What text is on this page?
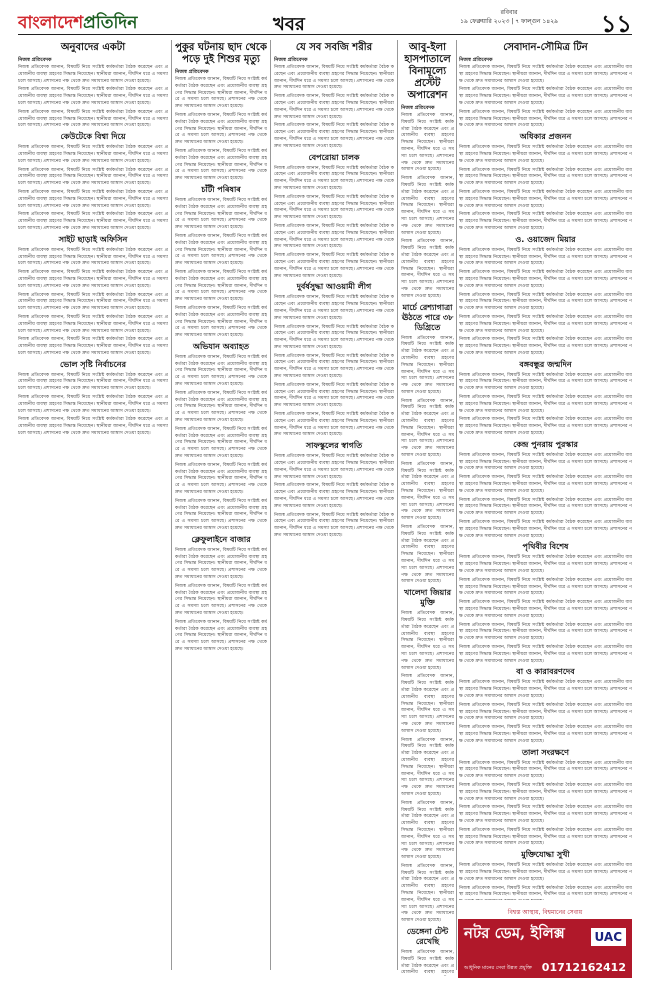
বাংলাদেশপ্রতিদিন	খবর
রবিবার
১৯ ফেব্রুয়ারি ২০২৩ | ৭ ফাল্গুন ১৪২৯ ১১
অনুবাদের একটা
নিজস্ব প্রতিবেদক

নিজস্ব প্রতিবেদক জানান, বিষয়টি নিয়ে সংশ্লিষ্ট কর্মকর্তারা বৈঠক করেছেন এবং প্রয়োজনীয় ব্যবস্থা গ্রহণের সিদ্ধান্ত নিয়েছেন। স্থানীয়রা জানান, দীর্ঘদিন ধরে এ সমস্যা চলে আসছে। প্রশাসনের পক্ষ থেকে দ্রুত সমাধানের আশ্বাস দেওয়া হয়েছে।

নিজস্ব প্রতিবেদক জানান, বিষয়টি নিয়ে সংশ্লিষ্ট কর্মকর্তারা বৈঠক করেছেন এবং প্রয়োজনীয় ব্যবস্থা গ্রহণের সিদ্ধান্ত নিয়েছেন। স্থানীয়রা জানান, দীর্ঘদিন ধরে এ সমস্যা চলে আসছে। প্রশাসনের পক্ষ থেকে দ্রুত সমাধানের আশ্বাস দেওয়া হয়েছে।

নিজস্ব প্রতিবেদক জানান, বিষয়টি নিয়ে সংশ্লিষ্ট কর্মকর্তারা বৈঠক করেছেন এবং প্রয়োজনীয় ব্যবস্থা গ্রহণের সিদ্ধান্ত নিয়েছেন। স্থানীয়রা জানান, দীর্ঘদিন ধরে এ সমস্যা চলে আসছে। প্রশাসনের পক্ষ থেকে দ্রুত সমাধানের আশ্বাস দেওয়া হয়েছে।

কেউটেকে বিশ্বা দিয়ে

নিজস্ব প্রতিবেদক জানান, বিষয়টি নিয়ে সংশ্লিষ্ট কর্মকর্তারা বৈঠক করেছেন এবং প্রয়োজনীয় ব্যবস্থা গ্রহণের সিদ্ধান্ত নিয়েছেন। স্থানীয়রা জানান, দীর্ঘদিন ধরে এ সমস্যা চলে আসছে। প্রশাসনের পক্ষ থেকে দ্রুত সমাধানের আশ্বাস দেওয়া হয়েছে।

নিজস্ব প্রতিবেদক জানান, বিষয়টি নিয়ে সংশ্লিষ্ট কর্মকর্তারা বৈঠক করেছেন এবং প্রয়োজনীয় ব্যবস্থা গ্রহণের সিদ্ধান্ত নিয়েছেন। স্থানীয়রা জানান, দীর্ঘদিন ধরে এ সমস্যা চলে আসছে। প্রশাসনের পক্ষ থেকে দ্রুত সমাধানের আশ্বাস দেওয়া হয়েছে।

নিজস্ব প্রতিবেদক জানান, বিষয়টি নিয়ে সংশ্লিষ্ট কর্মকর্তারা বৈঠক করেছেন এবং প্রয়োজনীয় ব্যবস্থা গ্রহণের সিদ্ধান্ত নিয়েছেন। স্থানীয়রা জানান, দীর্ঘদিন ধরে এ সমস্যা চলে আসছে। প্রশাসনের পক্ষ থেকে দ্রুত সমাধানের আশ্বাস দেওয়া হয়েছে।

নিজস্ব প্রতিবেদক জানান, বিষয়টি নিয়ে সংশ্লিষ্ট কর্মকর্তারা বৈঠক করেছেন এবং প্রয়োজনীয় ব্যবস্থা গ্রহণের সিদ্ধান্ত নিয়েছেন। স্থানীয়রা জানান, দীর্ঘদিন ধরে এ সমস্যা চলে আসছে। প্রশাসনের পক্ষ থেকে দ্রুত সমাধানের আশ্বাস দেওয়া হয়েছে।

সাইট ছাড়াই অফিসিন

নিজস্ব প্রতিবেদক জানান, বিষয়টি নিয়ে সংশ্লিষ্ট কর্মকর্তারা বৈঠক করেছেন এবং প্রয়োজনীয় ব্যবস্থা গ্রহণের সিদ্ধান্ত নিয়েছেন। স্থানীয়রা জানান, দীর্ঘদিন ধরে এ সমস্যা চলে আসছে। প্রশাসনের পক্ষ থেকে দ্রুত সমাধানের আশ্বাস দেওয়া হয়েছে।

নিজস্ব প্রতিবেদক জানান, বিষয়টি নিয়ে সংশ্লিষ্ট কর্মকর্তারা বৈঠক করেছেন এবং প্রয়োজনীয় ব্যবস্থা গ্রহণের সিদ্ধান্ত নিয়েছেন। স্থানীয়রা জানান, দীর্ঘদিন ধরে এ সমস্যা চলে আসছে। প্রশাসনের পক্ষ থেকে দ্রুত সমাধানের আশ্বাস দেওয়া হয়েছে।

নিজস্ব প্রতিবেদক জানান, বিষয়টি নিয়ে সংশ্লিষ্ট কর্মকর্তারা বৈঠক করেছেন এবং প্রয়োজনীয় ব্যবস্থা গ্রহণের সিদ্ধান্ত নিয়েছেন। স্থানীয়রা জানান, দীর্ঘদিন ধরে এ সমস্যা চলে আসছে। প্রশাসনের পক্ষ থেকে দ্রুত সমাধানের আশ্বাস দেওয়া হয়েছে।

নিজস্ব প্রতিবেদক জানান, বিষয়টি নিয়ে সংশ্লিষ্ট কর্মকর্তারা বৈঠক করেছেন এবং প্রয়োজনীয় ব্যবস্থা গ্রহণের সিদ্ধান্ত নিয়েছেন। স্থানীয়রা জানান, দীর্ঘদিন ধরে এ সমস্যা চলে আসছে। প্রশাসনের পক্ষ থেকে দ্রুত সমাধানের আশ্বাস দেওয়া হয়েছে।

নিজস্ব প্রতিবেদক জানান, বিষয়টি নিয়ে সংশ্লিষ্ট কর্মকর্তারা বৈঠক করেছেন এবং প্রয়োজনীয় ব্যবস্থা গ্রহণের সিদ্ধান্ত নিয়েছেন। স্থানীয়রা জানান, দীর্ঘদিন ধরে এ সমস্যা চলে আসছে। প্রশাসনের পক্ষ থেকে দ্রুত সমাধানের আশ্বাস দেওয়া হয়েছে।

ভোল সৃষ্টি নির্বাচনের

নিজস্ব প্রতিবেদক জানান, বিষয়টি নিয়ে সংশ্লিষ্ট কর্মকর্তারা বৈঠক করেছেন এবং প্রয়োজনীয় ব্যবস্থা গ্রহণের সিদ্ধান্ত নিয়েছেন। স্থানীয়রা জানান, দীর্ঘদিন ধরে এ সমস্যা চলে আসছে। প্রশাসনের পক্ষ থেকে দ্রুত সমাধানের আশ্বাস দেওয়া হয়েছে।

নিজস্ব প্রতিবেদক জানান, বিষয়টি নিয়ে সংশ্লিষ্ট কর্মকর্তারা বৈঠক করেছেন এবং প্রয়োজনীয় ব্যবস্থা গ্রহণের সিদ্ধান্ত নিয়েছেন। স্থানীয়রা জানান, দীর্ঘদিন ধরে এ সমস্যা চলে আসছে। প্রশাসনের পক্ষ থেকে দ্রুত সমাধানের আশ্বাস দেওয়া হয়েছে।

নিজস্ব প্রতিবেদক জানান, বিষয়টি নিয়ে সংশ্লিষ্ট কর্মকর্তারা বৈঠক করেছেন এবং প্রয়োজনীয় ব্যবস্থা গ্রহণের সিদ্ধান্ত নিয়েছেন। স্থানীয়রা জানান, দীর্ঘদিন ধরে এ সমস্যা চলে আসছে। প্রশাসনের পক্ষ থেকে দ্রুত সমাধানের আশ্বাস দেওয়া হয়েছে।

পুকুর ঘটনায় ছাদ থেকে পড়ে দুই শিশুর মৃত্যু
নিজস্ব প্রতিবেদক

নিজস্ব প্রতিবেদক জানান, বিষয়টি নিয়ে সংশ্লিষ্ট কর্মকর্তারা বৈঠক করেছেন এবং প্রয়োজনীয় ব্যবস্থা গ্রহণের সিদ্ধান্ত নিয়েছেন। স্থানীয়রা জানান, দীর্ঘদিন ধরে এ সমস্যা চলে আসছে। প্রশাসনের পক্ষ থেকে দ্রুত সমাধানের আশ্বাস দেওয়া হয়েছে।

নিজস্ব প্রতিবেদক জানান, বিষয়টি নিয়ে সংশ্লিষ্ট কর্মকর্তারা বৈঠক করেছেন এবং প্রয়োজনীয় ব্যবস্থা গ্রহণের সিদ্ধান্ত নিয়েছেন। স্থানীয়রা জানান, দীর্ঘদিন ধরে এ সমস্যা চলে আসছে। প্রশাসনের পক্ষ থেকে দ্রুত সমাধানের আশ্বাস দেওয়া হয়েছে।

নিজস্ব প্রতিবেদক জানান, বিষয়টি নিয়ে সংশ্লিষ্ট কর্মকর্তারা বৈঠক করেছেন এবং প্রয়োজনীয় ব্যবস্থা গ্রহণের সিদ্ধান্ত নিয়েছেন। স্থানীয়রা জানান, দীর্ঘদিন ধরে এ সমস্যা চলে আসছে। প্রশাসনের পক্ষ থেকে দ্রুত সমাধানের আশ্বাস দেওয়া হয়েছে।

চাঁটী পৰিষাৰ

নিজস্ব প্রতিবেদক জানান, বিষয়টি নিয়ে সংশ্লিষ্ট কর্মকর্তারা বৈঠক করেছেন এবং প্রয়োজনীয় ব্যবস্থা গ্রহণের সিদ্ধান্ত নিয়েছেন। স্থানীয়রা জানান, দীর্ঘদিন ধরে এ সমস্যা চলে আসছে। প্রশাসনের পক্ষ থেকে দ্রুত সমাধানের আশ্বাস দেওয়া হয়েছে।

নিজস্ব প্রতিবেদক জানান, বিষয়টি নিয়ে সংশ্লিষ্ট কর্মকর্তারা বৈঠক করেছেন এবং প্রয়োজনীয় ব্যবস্থা গ্রহণের সিদ্ধান্ত নিয়েছেন। স্থানীয়রা জানান, দীর্ঘদিন ধরে এ সমস্যা চলে আসছে। প্রশাসনের পক্ষ থেকে দ্রুত সমাধানের আশ্বাস দেওয়া হয়েছে।

নিজস্ব প্রতিবেদক জানান, বিষয়টি নিয়ে সংশ্লিষ্ট কর্মকর্তারা বৈঠক করেছেন এবং প্রয়োজনীয় ব্যবস্থা গ্রহণের সিদ্ধান্ত নিয়েছেন। স্থানীয়রা জানান, দীর্ঘদিন ধরে এ সমস্যা চলে আসছে। প্রশাসনের পক্ষ থেকে দ্রুত সমাধানের আশ্বাস দেওয়া হয়েছে।

নিজস্ব প্রতিবেদক জানান, বিষয়টি নিয়ে সংশ্লিষ্ট কর্মকর্তারা বৈঠক করেছেন এবং প্রয়োজনীয় ব্যবস্থা গ্রহণের সিদ্ধান্ত নিয়েছেন। স্থানীয়রা জানান, দীর্ঘদিন ধরে এ সমস্যা চলে আসছে। প্রশাসনের পক্ষ থেকে দ্রুত সমাধানের আশ্বাস দেওয়া হয়েছে।

অভিযান অব্যাহত

নিজস্ব প্রতিবেদক জানান, বিষয়টি নিয়ে সংশ্লিষ্ট কর্মকর্তারা বৈঠক করেছেন এবং প্রয়োজনীয় ব্যবস্থা গ্রহণের সিদ্ধান্ত নিয়েছেন। স্থানীয়রা জানান, দীর্ঘদিন ধরে এ সমস্যা চলে আসছে। প্রশাসনের পক্ষ থেকে দ্রুত সমাধানের আশ্বাস দেওয়া হয়েছে।

নিজস্ব প্রতিবেদক জানান, বিষয়টি নিয়ে সংশ্লিষ্ট কর্মকর্তারা বৈঠক করেছেন এবং প্রয়োজনীয় ব্যবস্থা গ্রহণের সিদ্ধান্ত নিয়েছেন। স্থানীয়রা জানান, দীর্ঘদিন ধরে এ সমস্যা চলে আসছে। প্রশাসনের পক্ষ থেকে দ্রুত সমাধানের আশ্বাস দেওয়া হয়েছে।

নিজস্ব প্রতিবেদক জানান, বিষয়টি নিয়ে সংশ্লিষ্ট কর্মকর্তারা বৈঠক করেছেন এবং প্রয়োজনীয় ব্যবস্থা গ্রহণের সিদ্ধান্ত নিয়েছেন। স্থানীয়রা জানান, দীর্ঘদিন ধরে এ সমস্যা চলে আসছে। প্রশাসনের পক্ষ থেকে দ্রুত সমাধানের আশ্বাস দেওয়া হয়েছে।

নিজস্ব প্রতিবেদক জানান, বিষয়টি নিয়ে সংশ্লিষ্ট কর্মকর্তারা বৈঠক করেছেন এবং প্রয়োজনীয় ব্যবস্থা গ্রহণের সিদ্ধান্ত নিয়েছেন। স্থানীয়রা জানান, দীর্ঘদিন ধরে এ সমস্যা চলে আসছে। প্রশাসনের পক্ষ থেকে দ্রুত সমাধানের আশ্বাস দেওয়া হয়েছে।

নিজস্ব প্রতিবেদক জানান, বিষয়টি নিয়ে সংশ্লিষ্ট কর্মকর্তারা বৈঠক করেছেন এবং প্রয়োজনীয় ব্যবস্থা গ্রহণের সিদ্ধান্ত নিয়েছেন। স্থানীয়রা জানান, দীর্ঘদিন ধরে এ সমস্যা চলে আসছে। প্রশাসনের পক্ষ থেকে দ্রুত সমাধানের আশ্বাস দেওয়া হয়েছে।

ক্লেফুলাইনে বাজার

নিজস্ব প্রতিবেদক জানান, বিষয়টি নিয়ে সংশ্লিষ্ট কর্মকর্তারা বৈঠক করেছেন এবং প্রয়োজনীয় ব্যবস্থা গ্রহণের সিদ্ধান্ত নিয়েছেন। স্থানীয়রা জানান, দীর্ঘদিন ধরে এ সমস্যা চলে আসছে। প্রশাসনের পক্ষ থেকে দ্রুত সমাধানের আশ্বাস দেওয়া হয়েছে।

নিজস্ব প্রতিবেদক জানান, বিষয়টি নিয়ে সংশ্লিষ্ট কর্মকর্তারা বৈঠক করেছেন এবং প্রয়োজনীয় ব্যবস্থা গ্রহণের সিদ্ধান্ত নিয়েছেন। স্থানীয়রা জানান, দীর্ঘদিন ধরে এ সমস্যা চলে আসছে। প্রশাসনের পক্ষ থেকে দ্রুত সমাধানের আশ্বাস দেওয়া হয়েছে।

নিজস্ব প্রতিবেদক জানান, বিষয়টি নিয়ে সংশ্লিষ্ট কর্মকর্তারা বৈঠক করেছেন এবং প্রয়োজনীয় ব্যবস্থা গ্রহণের সিদ্ধান্ত নিয়েছেন। স্থানীয়রা জানান, দীর্ঘদিন ধরে এ সমস্যা চলে আসছে। প্রশাসনের পক্ষ থেকে দ্রুত সমাধানের আশ্বাস দেওয়া হয়েছে।

যে সব সবজি শরীর
নিজস্ব প্রতিবেদক

নিজস্ব প্রতিবেদক জানান, বিষয়টি নিয়ে সংশ্লিষ্ট কর্মকর্তারা বৈঠক করেছেন এবং প্রয়োজনীয় ব্যবস্থা গ্রহণের সিদ্ধান্ত নিয়েছেন। স্থানীয়রা জানান, দীর্ঘদিন ধরে এ সমস্যা চলে আসছে। প্রশাসনের পক্ষ থেকে দ্রুত সমাধানের আশ্বাস দেওয়া হয়েছে।

নিজস্ব প্রতিবেদক জানান, বিষয়টি নিয়ে সংশ্লিষ্ট কর্মকর্তারা বৈঠক করেছেন এবং প্রয়োজনীয় ব্যবস্থা গ্রহণের সিদ্ধান্ত নিয়েছেন। স্থানীয়রা জানান, দীর্ঘদিন ধরে এ সমস্যা চলে আসছে। প্রশাসনের পক্ষ থেকে দ্রুত সমাধানের আশ্বাস দেওয়া হয়েছে।

নিজস্ব প্রতিবেদক জানান, বিষয়টি নিয়ে সংশ্লিষ্ট কর্মকর্তারা বৈঠক করেছেন এবং প্রয়োজনীয় ব্যবস্থা গ্রহণের সিদ্ধান্ত নিয়েছেন। স্থানীয়রা জানান, দীর্ঘদিন ধরে এ সমস্যা চলে আসছে। প্রশাসনের পক্ষ থেকে দ্রুত সমাধানের আশ্বাস দেওয়া হয়েছে।

বেপরোয়া চালক

নিজস্ব প্রতিবেদক জানান, বিষয়টি নিয়ে সংশ্লিষ্ট কর্মকর্তারা বৈঠক করেছেন এবং প্রয়োজনীয় ব্যবস্থা গ্রহণের সিদ্ধান্ত নিয়েছেন। স্থানীয়রা জানান, দীর্ঘদিন ধরে এ সমস্যা চলে আসছে। প্রশাসনের পক্ষ থেকে দ্রুত সমাধানের আশ্বাস দেওয়া হয়েছে।

নিজস্ব প্রতিবেদক জানান, বিষয়টি নিয়ে সংশ্লিষ্ট কর্মকর্তারা বৈঠক করেছেন এবং প্রয়োজনীয় ব্যবস্থা গ্রহণের সিদ্ধান্ত নিয়েছেন। স্থানীয়রা জানান, দীর্ঘদিন ধরে এ সমস্যা চলে আসছে। প্রশাসনের পক্ষ থেকে দ্রুত সমাধানের আশ্বাস দেওয়া হয়েছে।

নিজস্ব প্রতিবেদক জানান, বিষয়টি নিয়ে সংশ্লিষ্ট কর্মকর্তারা বৈঠক করেছেন এবং প্রয়োজনীয় ব্যবস্থা গ্রহণের সিদ্ধান্ত নিয়েছেন। স্থানীয়রা জানান, দীর্ঘদিন ধরে এ সমস্যা চলে আসছে। প্রশাসনের পক্ষ থেকে দ্রুত সমাধানের আশ্বাস দেওয়া হয়েছে।

নিজস্ব প্রতিবেদক জানান, বিষয়টি নিয়ে সংশ্লিষ্ট কর্মকর্তারা বৈঠক করেছেন এবং প্রয়োজনীয় ব্যবস্থা গ্রহণের সিদ্ধান্ত নিয়েছেন। স্থানীয়রা জানান, দীর্ঘদিন ধরে এ সমস্যা চলে আসছে। প্রশাসনের পক্ষ থেকে দ্রুত সমাধানের আশ্বাস দেওয়া হয়েছে।

দুর্বর্ষসুদ্ধা আওয়ামী লীগ

নিজস্ব প্রতিবেদক জানান, বিষয়টি নিয়ে সংশ্লিষ্ট কর্মকর্তারা বৈঠক করেছেন এবং প্রয়োজনীয় ব্যবস্থা গ্রহণের সিদ্ধান্ত নিয়েছেন। স্থানীয়রা জানান, দীর্ঘদিন ধরে এ সমস্যা চলে আসছে। প্রশাসনের পক্ষ থেকে দ্রুত সমাধানের আশ্বাস দেওয়া হয়েছে।

নিজস্ব প্রতিবেদক জানান, বিষয়টি নিয়ে সংশ্লিষ্ট কর্মকর্তারা বৈঠক করেছেন এবং প্রয়োজনীয় ব্যবস্থা গ্রহণের সিদ্ধান্ত নিয়েছেন। স্থানীয়রা জানান, দীর্ঘদিন ধরে এ সমস্যা চলে আসছে। প্রশাসনের পক্ষ থেকে দ্রুত সমাধানের আশ্বাস দেওয়া হয়েছে।

নিজস্ব প্রতিবেদক জানান, বিষয়টি নিয়ে সংশ্লিষ্ট কর্মকর্তারা বৈঠক করেছেন এবং প্রয়োজনীয় ব্যবস্থা গ্রহণের সিদ্ধান্ত নিয়েছেন। স্থানীয়রা জানান, দীর্ঘদিন ধরে এ সমস্যা চলে আসছে। প্রশাসনের পক্ষ থেকে দ্রুত সমাধানের আশ্বাস দেওয়া হয়েছে।

নিজস্ব প্রতিবেদক জানান, বিষয়টি নিয়ে সংশ্লিষ্ট কর্মকর্তারা বৈঠক করেছেন এবং প্রয়োজনীয় ব্যবস্থা গ্রহণের সিদ্ধান্ত নিয়েছেন। স্থানীয়রা জানান, দীর্ঘদিন ধরে এ সমস্যা চলে আসছে। প্রশাসনের পক্ষ থেকে দ্রুত সমাধানের আশ্বাস দেওয়া হয়েছে।

নিজস্ব প্রতিবেদক জানান, বিষয়টি নিয়ে সংশ্লিষ্ট কর্মকর্তারা বৈঠক করেছেন এবং প্রয়োজনীয় ব্যবস্থা গ্রহণের সিদ্ধান্ত নিয়েছেন। স্থানীয়রা জানান, দীর্ঘদিন ধরে এ সমস্যা চলে আসছে। প্রশাসনের পক্ষ থেকে দ্রুত সমাধানের আশ্বাস দেওয়া হয়েছে।

সাফস্কুলের স্বাগতি

নিজস্ব প্রতিবেদক জানান, বিষয়টি নিয়ে সংশ্লিষ্ট কর্মকর্তারা বৈঠক করেছেন এবং প্রয়োজনীয় ব্যবস্থা গ্রহণের সিদ্ধান্ত নিয়েছেন। স্থানীয়রা জানান, দীর্ঘদিন ধরে এ সমস্যা চলে আসছে। প্রশাসনের পক্ষ থেকে দ্রুত সমাধানের আশ্বাস দেওয়া হয়েছে।

নিজস্ব প্রতিবেদক জানান, বিষয়টি নিয়ে সংশ্লিষ্ট কর্মকর্তারা বৈঠক করেছেন এবং প্রয়োজনীয় ব্যবস্থা গ্রহণের সিদ্ধান্ত নিয়েছেন। স্থানীয়রা জানান, দীর্ঘদিন ধরে এ সমস্যা চলে আসছে। প্রশাসনের পক্ষ থেকে দ্রুত সমাধানের আশ্বাস দেওয়া হয়েছে।

নিজস্ব প্রতিবেদক জানান, বিষয়টি নিয়ে সংশ্লিষ্ট কর্মকর্তারা বৈঠক করেছেন এবং প্রয়োজনীয় ব্যবস্থা গ্রহণের সিদ্ধান্ত নিয়েছেন। স্থানীয়রা জানান, দীর্ঘদিন ধরে এ সমস্যা চলে আসছে। প্রশাসনের পক্ষ থেকে দ্রুত সমাধানের আশ্বাস দেওয়া হয়েছে।

আবু-ইলা হাসপাতালে বিনামূল্যে প্রস্টেট অপারেশন
নিজস্ব প্রতিবেদক

নিজস্ব প্রতিবেদক জানান, বিষয়টি নিয়ে সংশ্লিষ্ট কর্মকর্তারা বৈঠক করেছেন এবং প্রয়োজনীয় ব্যবস্থা গ্রহণের সিদ্ধান্ত নিয়েছেন। স্থানীয়রা জানান, দীর্ঘদিন ধরে এ সমস্যা চলে আসছে। প্রশাসনের পক্ষ থেকে দ্রুত সমাধানের আশ্বাস দেওয়া হয়েছে।

নিজস্ব প্রতিবেদক জানান, বিষয়টি নিয়ে সংশ্লিষ্ট কর্মকর্তারা বৈঠক করেছেন এবং প্রয়োজনীয় ব্যবস্থা গ্রহণের সিদ্ধান্ত নিয়েছেন। স্থানীয়রা জানান, দীর্ঘদিন ধরে এ সমস্যা চলে আসছে। প্রশাসনের পক্ষ থেকে দ্রুত সমাধানের আশ্বাস দেওয়া হয়েছে।

নিজস্ব প্রতিবেদক জানান, বিষয়টি নিয়ে সংশ্লিষ্ট কর্মকর্তারা বৈঠক করেছেন এবং প্রয়োজনীয় ব্যবস্থা গ্রহণের সিদ্ধান্ত নিয়েছেন। স্থানীয়রা জানান, দীর্ঘদিন ধরে এ সমস্যা চলে আসছে। প্রশাসনের পক্ষ থেকে দ্রুত সমাধানের আশ্বাস দেওয়া হয়েছে।

মার্চে রেশ্যাগাত্রা ঊঠতে পারে ৩৮ ডিগ্রিতে

নিজস্ব প্রতিবেদক জানান, বিষয়টি নিয়ে সংশ্লিষ্ট কর্মকর্তারা বৈঠক করেছেন এবং প্রয়োজনীয় ব্যবস্থা গ্রহণের সিদ্ধান্ত নিয়েছেন। স্থানীয়রা জানান, দীর্ঘদিন ধরে এ সমস্যা চলে আসছে। প্রশাসনের পক্ষ থেকে দ্রুত সমাধানের আশ্বাস দেওয়া হয়েছে।

নিজস্ব প্রতিবেদক জানান, বিষয়টি নিয়ে সংশ্লিষ্ট কর্মকর্তারা বৈঠক করেছেন এবং প্রয়োজনীয় ব্যবস্থা গ্রহণের সিদ্ধান্ত নিয়েছেন। স্থানীয়রা জানান, দীর্ঘদিন ধরে এ সমস্যা চলে আসছে। প্রশাসনের পক্ষ থেকে দ্রুত সমাধানের আশ্বাস দেওয়া হয়েছে।

নিজস্ব প্রতিবেদক জানান, বিষয়টি নিয়ে সংশ্লিষ্ট কর্মকর্তারা বৈঠক করেছেন এবং প্রয়োজনীয় ব্যবস্থা গ্রহণের সিদ্ধান্ত নিয়েছেন। স্থানীয়রা জানান, দীর্ঘদিন ধরে এ সমস্যা চলে আসছে। প্রশাসনের পক্ষ থেকে দ্রুত সমাধানের আশ্বাস দেওয়া হয়েছে।

নিজস্ব প্রতিবেদক জানান, বিষয়টি নিয়ে সংশ্লিষ্ট কর্মকর্তারা বৈঠক করেছেন এবং প্রয়োজনীয় ব্যবস্থা গ্রহণের সিদ্ধান্ত নিয়েছেন। স্থানীয়রা জানান, দীর্ঘদিন ধরে এ সমস্যা চলে আসছে। প্রশাসনের পক্ষ থেকে দ্রুত সমাধানের আশ্বাস দেওয়া হয়েছে।

খালেদা জিয়ার মুক্তি

নিজস্ব প্রতিবেদক জানান, বিষয়টি নিয়ে সংশ্লিষ্ট কর্মকর্তারা বৈঠক করেছেন এবং প্রয়োজনীয় ব্যবস্থা গ্রহণের সিদ্ধান্ত নিয়েছেন। স্থানীয়রা জানান, দীর্ঘদিন ধরে এ সমস্যা চলে আসছে। প্রশাসনের পক্ষ থেকে দ্রুত সমাধানের আশ্বাস দেওয়া হয়েছে।

নিজস্ব প্রতিবেদক জানান, বিষয়টি নিয়ে সংশ্লিষ্ট কর্মকর্তারা বৈঠক করেছেন এবং প্রয়োজনীয় ব্যবস্থা গ্রহণের সিদ্ধান্ত নিয়েছেন। স্থানীয়রা জানান, দীর্ঘদিন ধরে এ সমস্যা চলে আসছে। প্রশাসনের পক্ষ থেকে দ্রুত সমাধানের আশ্বাস দেওয়া হয়েছে।

নিজস্ব প্রতিবেদক জানান, বিষয়টি নিয়ে সংশ্লিষ্ট কর্মকর্তারা বৈঠক করেছেন এবং প্রয়োজনীয় ব্যবস্থা গ্রহণের সিদ্ধান্ত নিয়েছেন। স্থানীয়রা জানান, দীর্ঘদিন ধরে এ সমস্যা চলে আসছে। প্রশাসনের পক্ষ থেকে দ্রুত সমাধানের আশ্বাস দেওয়া হয়েছে।

নিজস্ব প্রতিবেদক জানান, বিষয়টি নিয়ে সংশ্লিষ্ট কর্মকর্তারা বৈঠক করেছেন এবং প্রয়োজনীয় ব্যবস্থা গ্রহণের সিদ্ধান্ত নিয়েছেন। স্থানীয়রা জানান, দীর্ঘদিন ধরে এ সমস্যা চলে আসছে। প্রশাসনের পক্ষ থেকে দ্রুত সমাধানের আশ্বাস দেওয়া হয়েছে।

নিজস্ব প্রতিবেদক জানান, বিষয়টি নিয়ে সংশ্লিষ্ট কর্মকর্তারা বৈঠক করেছেন এবং প্রয়োজনীয় ব্যবস্থা গ্রহণের সিদ্ধান্ত নিয়েছেন। স্থানীয়রা জানান, দীর্ঘদিন ধরে এ সমস্যা চলে আসছে। প্রশাসনের পক্ষ থেকে দ্রুত সমাধানের আশ্বাস দেওয়া হয়েছে।

ডেঙ্গেনা টেন্ট রেখেছি

নিজস্ব প্রতিবেদক জানান, বিষয়টি নিয়ে সংশ্লিষ্ট কর্মকর্তারা বৈঠক করেছেন এবং প্রয়োজনীয় ব্যবস্থা গ্রহণের

সেবাদান-সৌমিত্র টিন
নিজস্ব প্রতিবেদক

নিজস্ব প্রতিবেদক জানান, বিষয়টি নিয়ে সংশ্লিষ্ট কর্মকর্তারা বৈঠক করেছেন এবং প্রয়োজনীয় ব্যবস্থা গ্রহণের সিদ্ধান্ত নিয়েছেন। স্থানীয়রা জানান, দীর্ঘদিন ধরে এ সমস্যা চলে আসছে। প্রশাসনের পক্ষ থেকে দ্রুত সমাধানের আশ্বাস দেওয়া হয়েছে।

নিজস্ব প্রতিবেদক জানান, বিষয়টি নিয়ে সংশ্লিষ্ট কর্মকর্তারা বৈঠক করেছেন এবং প্রয়োজনীয় ব্যবস্থা গ্রহণের সিদ্ধান্ত নিয়েছেন। স্থানীয়রা জানান, দীর্ঘদিন ধরে এ সমস্যা চলে আসছে। প্রশাসনের পক্ষ থেকে দ্রুত সমাধানের আশ্বাস দেওয়া হয়েছে।

নিজস্ব প্রতিবেদক জানান, বিষয়টি নিয়ে সংশ্লিষ্ট কর্মকর্তারা বৈঠক করেছেন এবং প্রয়োজনীয় ব্যবস্থা গ্রহণের সিদ্ধান্ত নিয়েছেন। স্থানীয়রা জানান, দীর্ঘদিন ধরে এ সমস্যা চলে আসছে। প্রশাসনের পক্ষ থেকে দ্রুত সমাধানের আশ্বাস দেওয়া হয়েছে।

অধিকার প্রজনন

নিজস্ব প্রতিবেদক জানান, বিষয়টি নিয়ে সংশ্লিষ্ট কর্মকর্তারা বৈঠক করেছেন এবং প্রয়োজনীয় ব্যবস্থা গ্রহণের সিদ্ধান্ত নিয়েছেন। স্থানীয়রা জানান, দীর্ঘদিন ধরে এ সমস্যা চলে আসছে। প্রশাসনের পক্ষ থেকে দ্রুত সমাধানের আশ্বাস দেওয়া হয়েছে।

নিজস্ব প্রতিবেদক জানান, বিষয়টি নিয়ে সংশ্লিষ্ট কর্মকর্তারা বৈঠক করেছেন এবং প্রয়োজনীয় ব্যবস্থা গ্রহণের সিদ্ধান্ত নিয়েছেন। স্থানীয়রা জানান, দীর্ঘদিন ধরে এ সমস্যা চলে আসছে। প্রশাসনের পক্ষ থেকে দ্রুত সমাধানের আশ্বাস দেওয়া হয়েছে।

নিজস্ব প্রতিবেদক জানান, বিষয়টি নিয়ে সংশ্লিষ্ট কর্মকর্তারা বৈঠক করেছেন এবং প্রয়োজনীয় ব্যবস্থা গ্রহণের সিদ্ধান্ত নিয়েছেন। স্থানীয়রা জানান, দীর্ঘদিন ধরে এ সমস্যা চলে আসছে। প্রশাসনের পক্ষ থেকে দ্রুত সমাধানের আশ্বাস দেওয়া হয়েছে।

নিজস্ব প্রতিবেদক জানান, বিষয়টি নিয়ে সংশ্লিষ্ট কর্মকর্তারা বৈঠক করেছেন এবং প্রয়োজনীয় ব্যবস্থা গ্রহণের সিদ্ধান্ত নিয়েছেন। স্থানীয়রা জানান, দীর্ঘদিন ধরে এ সমস্যা চলে আসছে। প্রশাসনের পক্ষ থেকে দ্রুত সমাধানের আশ্বাস দেওয়া হয়েছে।

ও. ওয়াজেদ মিয়ার

নিজস্ব প্রতিবেদক জানান, বিষয়টি নিয়ে সংশ্লিষ্ট কর্মকর্তারা বৈঠক করেছেন এবং প্রয়োজনীয় ব্যবস্থা গ্রহণের সিদ্ধান্ত নিয়েছেন। স্থানীয়রা জানান, দীর্ঘদিন ধরে এ সমস্যা চলে আসছে। প্রশাসনের পক্ষ থেকে দ্রুত সমাধানের আশ্বাস দেওয়া হয়েছে।

নিজস্ব প্রতিবেদক জানান, বিষয়টি নিয়ে সংশ্লিষ্ট কর্মকর্তারা বৈঠক করেছেন এবং প্রয়োজনীয় ব্যবস্থা গ্রহণের সিদ্ধান্ত নিয়েছেন। স্থানীয়রা জানান, দীর্ঘদিন ধরে এ সমস্যা চলে আসছে। প্রশাসনের পক্ষ থেকে দ্রুত সমাধানের আশ্বাস দেওয়া হয়েছে।

নিজস্ব প্রতিবেদক জানান, বিষয়টি নিয়ে সংশ্লিষ্ট কর্মকর্তারা বৈঠক করেছেন এবং প্রয়োজনীয় ব্যবস্থা গ্রহণের সিদ্ধান্ত নিয়েছেন। স্থানীয়রা জানান, দীর্ঘদিন ধরে এ সমস্যা চলে আসছে। প্রশাসনের পক্ষ থেকে দ্রুত সমাধানের আশ্বাস দেওয়া হয়েছে।

নিজস্ব প্রতিবেদক জানান, বিষয়টি নিয়ে সংশ্লিষ্ট কর্মকর্তারা বৈঠক করেছেন এবং প্রয়োজনীয় ব্যবস্থা গ্রহণের সিদ্ধান্ত নিয়েছেন। স্থানীয়রা জানান, দীর্ঘদিন ধরে এ সমস্যা চলে আসছে। প্রশাসনের পক্ষ থেকে দ্রুত সমাধানের আশ্বাস দেওয়া হয়েছে।

নিজস্ব প্রতিবেদক জানান, বিষয়টি নিয়ে সংশ্লিষ্ট কর্মকর্তারা বৈঠক করেছেন এবং প্রয়োজনীয় ব্যবস্থা গ্রহণের সিদ্ধান্ত নিয়েছেন। স্থানীয়রা জানান, দীর্ঘদিন ধরে এ সমস্যা চলে আসছে। প্রশাসনের পক্ষ থেকে দ্রুত সমাধানের আশ্বাস দেওয়া হয়েছে।

বঙ্গবন্ধুর জন্মদিন

নিজস্ব প্রতিবেদক জানান, বিষয়টি নিয়ে সংশ্লিষ্ট কর্মকর্তারা বৈঠক করেছেন এবং প্রয়োজনীয় ব্যবস্থা গ্রহণের সিদ্ধান্ত নিয়েছেন। স্থানীয়রা জানান, দীর্ঘদিন ধরে এ সমস্যা চলে আসছে। প্রশাসনের পক্ষ থেকে দ্রুত সমাধানের আশ্বাস দেওয়া হয়েছে।

নিজস্ব প্রতিবেদক জানান, বিষয়টি নিয়ে সংশ্লিষ্ট কর্মকর্তারা বৈঠক করেছেন এবং প্রয়োজনীয় ব্যবস্থা গ্রহণের সিদ্ধান্ত নিয়েছেন। স্থানীয়রা জানান, দীর্ঘদিন ধরে এ সমস্যা চলে আসছে। প্রশাসনের পক্ষ থেকে দ্রুত সমাধানের আশ্বাস দেওয়া হয়েছে।

নিজস্ব প্রতিবেদক জানান, বিষয়টি নিয়ে সংশ্লিষ্ট কর্মকর্তারা বৈঠক করেছেন এবং প্রয়োজনীয় ব্যবস্থা গ্রহণের সিদ্ধান্ত নিয়েছেন। স্থানীয়রা জানান, দীর্ঘদিন ধরে এ সমস্যা চলে আসছে। প্রশাসনের পক্ষ থেকে দ্রুত সমাধানের আশ্বাস দেওয়া হয়েছে।

কেন্দ্র পুনরায় পুরস্কার

নিজস্ব প্রতিবেদক জানান, বিষয়টি নিয়ে সংশ্লিষ্ট কর্মকর্তারা বৈঠক করেছেন এবং প্রয়োজনীয় ব্যবস্থা গ্রহণের সিদ্ধান্ত নিয়েছেন। স্থানীয়রা জানান, দীর্ঘদিন ধরে এ সমস্যা চলে আসছে। প্রশাসনের পক্ষ থেকে দ্রুত সমাধানের আশ্বাস দেওয়া হয়েছে।

নিজস্ব প্রতিবেদক জানান, বিষয়টি নিয়ে সংশ্লিষ্ট কর্মকর্তারা বৈঠক করেছেন এবং প্রয়োজনীয় ব্যবস্থা গ্রহণের সিদ্ধান্ত নিয়েছেন। স্থানীয়রা জানান, দীর্ঘদিন ধরে এ সমস্যা চলে আসছে। প্রশাসনের পক্ষ থেকে দ্রুত সমাধানের আশ্বাস দেওয়া হয়েছে।

নিজস্ব প্রতিবেদক জানান, বিষয়টি নিয়ে সংশ্লিষ্ট কর্মকর্তারা বৈঠক করেছেন এবং প্রয়োজনীয় ব্যবস্থা গ্রহণের সিদ্ধান্ত নিয়েছেন। স্থানীয়রা জানান, দীর্ঘদিন ধরে এ সমস্যা চলে আসছে। প্রশাসনের পক্ষ থেকে দ্রুত সমাধানের আশ্বাস দেওয়া হয়েছে।

নিজস্ব প্রতিবেদক জানান, বিষয়টি নিয়ে সংশ্লিষ্ট কর্মকর্তারা বৈঠক করেছেন এবং প্রয়োজনীয় ব্যবস্থা গ্রহণের সিদ্ধান্ত নিয়েছেন। স্থানীয়রা জানান, দীর্ঘদিন ধরে এ সমস্যা চলে আসছে। প্রশাসনের পক্ষ থেকে দ্রুত সমাধানের আশ্বাস দেওয়া হয়েছে।

পৃথিবীর বিশেষ

নিজস্ব প্রতিবেদক জানান, বিষয়টি নিয়ে সংশ্লিষ্ট কর্মকর্তারা বৈঠক করেছেন এবং প্রয়োজনীয় ব্যবস্থা গ্রহণের সিদ্ধান্ত নিয়েছেন। স্থানীয়রা জানান, দীর্ঘদিন ধরে এ সমস্যা চলে আসছে। প্রশাসনের পক্ষ থেকে দ্রুত সমাধানের আশ্বাস দেওয়া হয়েছে।

নিজস্ব প্রতিবেদক জানান, বিষয়টি নিয়ে সংশ্লিষ্ট কর্মকর্তারা বৈঠক করেছেন এবং প্রয়োজনীয় ব্যবস্থা গ্রহণের সিদ্ধান্ত নিয়েছেন। স্থানীয়রা জানান, দীর্ঘদিন ধরে এ সমস্যা চলে আসছে। প্রশাসনের পক্ষ থেকে দ্রুত সমাধানের আশ্বাস দেওয়া হয়েছে।

নিজস্ব প্রতিবেদক জানান, বিষয়টি নিয়ে সংশ্লিষ্ট কর্মকর্তারা বৈঠক করেছেন এবং প্রয়োজনীয় ব্যবস্থা গ্রহণের সিদ্ধান্ত নিয়েছেন। স্থানীয়রা জানান, দীর্ঘদিন ধরে এ সমস্যা চলে আসছে। প্রশাসনের পক্ষ থেকে দ্রুত সমাধানের আশ্বাস দেওয়া হয়েছে।

নিজস্ব প্রতিবেদক জানান, বিষয়টি নিয়ে সংশ্লিষ্ট কর্মকর্তারা বৈঠক করেছেন এবং প্রয়োজনীয় ব্যবস্থা গ্রহণের সিদ্ধান্ত নিয়েছেন। স্থানীয়রা জানান, দীর্ঘদিন ধরে এ সমস্যা চলে আসছে। প্রশাসনের পক্ষ থেকে দ্রুত সমাধানের আশ্বাস দেওয়া হয়েছে।

নিজস্ব প্রতিবেদক জানান, বিষয়টি নিয়ে সংশ্লিষ্ট কর্মকর্তারা বৈঠক করেছেন এবং প্রয়োজনীয় ব্যবস্থা গ্রহণের সিদ্ধান্ত নিয়েছেন। স্থানীয়রা জানান, দীর্ঘদিন ধরে এ সমস্যা চলে আসছে। প্রশাসনের পক্ষ থেকে দ্রুত সমাধানের আশ্বাস দেওয়া হয়েছে।

বা ও কারাবরণদেব

নিজস্ব প্রতিবেদক জানান, বিষয়টি নিয়ে সংশ্লিষ্ট কর্মকর্তারা বৈঠক করেছেন এবং প্রয়োজনীয় ব্যবস্থা গ্রহণের সিদ্ধান্ত নিয়েছেন। স্থানীয়রা জানান, দীর্ঘদিন ধরে এ সমস্যা চলে আসছে। প্রশাসনের পক্ষ থেকে দ্রুত সমাধানের আশ্বাস দেওয়া হয়েছে।

নিজস্ব প্রতিবেদক জানান, বিষয়টি নিয়ে সংশ্লিষ্ট কর্মকর্তারা বৈঠক করেছেন এবং প্রয়োজনীয় ব্যবস্থা গ্রহণের সিদ্ধান্ত নিয়েছেন। স্থানীয়রা জানান, দীর্ঘদিন ধরে এ সমস্যা চলে আসছে। প্রশাসনের পক্ষ থেকে দ্রুত সমাধানের আশ্বাস দেওয়া হয়েছে।

নিজস্ব প্রতিবেদক জানান, বিষয়টি নিয়ে সংশ্লিষ্ট কর্মকর্তারা বৈঠক করেছেন এবং প্রয়োজনীয় ব্যবস্থা গ্রহণের সিদ্ধান্ত নিয়েছেন। স্থানীয়রা জানান, দীর্ঘদিন ধরে এ সমস্যা চলে আসছে। প্রশাসনের পক্ষ থেকে দ্রুত সমাধানের আশ্বাস দেওয়া হয়েছে।

তালা সংরক্ষণে

নিজস্ব প্রতিবেদক জানান, বিষয়টি নিয়ে সংশ্লিষ্ট কর্মকর্তারা বৈঠক করেছেন এবং প্রয়োজনীয় ব্যবস্থা গ্রহণের সিদ্ধান্ত নিয়েছেন। স্থানীয়রা জানান, দীর্ঘদিন ধরে এ সমস্যা চলে আসছে। প্রশাসনের পক্ষ থেকে দ্রুত সমাধানের আশ্বাস দেওয়া হয়েছে।

নিজস্ব প্রতিবেদক জানান, বিষয়টি নিয়ে সংশ্লিষ্ট কর্মকর্তারা বৈঠক করেছেন এবং প্রয়োজনীয় ব্যবস্থা গ্রহণের সিদ্ধান্ত নিয়েছেন। স্থানীয়রা জানান, দীর্ঘদিন ধরে এ সমস্যা চলে আসছে। প্রশাসনের পক্ষ থেকে দ্রুত সমাধানের আশ্বাস দেওয়া হয়েছে।

নিজস্ব প্রতিবেদক জানান, বিষয়টি নিয়ে সংশ্লিষ্ট কর্মকর্তারা বৈঠক করেছেন এবং প্রয়োজনীয় ব্যবস্থা গ্রহণের সিদ্ধান্ত নিয়েছেন। স্থানীয়রা জানান, দীর্ঘদিন ধরে এ সমস্যা চলে আসছে। প্রশাসনের পক্ষ থেকে দ্রুত সমাধানের আশ্বাস দেওয়া হয়েছে।

নিজস্ব প্রতিবেদক জানান, বিষয়টি নিয়ে সংশ্লিষ্ট কর্মকর্তারা বৈঠক করেছেন এবং প্রয়োজনীয় ব্যবস্থা গ্রহণের সিদ্ধান্ত নিয়েছেন। স্থানীয়রা জানান, দীর্ঘদিন ধরে এ সমস্যা চলে আসছে। প্রশাসনের পক্ষ থেকে দ্রুত সমাধানের আশ্বাস দেওয়া হয়েছে।

মুক্তিযোদ্ধা সুখী

নিজস্ব প্রতিবেদক জানান, বিষয়টি নিয়ে সংশ্লিষ্ট কর্মকর্তারা বৈঠক করেছেন এবং প্রয়োজনীয় ব্যবস্থা গ্রহণের সিদ্ধান্ত নিয়েছেন। স্থানীয়রা জানান, দীর্ঘদিন ধরে এ সমস্যা চলে আসছে। প্রশাসনের পক্ষ থেকে দ্রুত সমাধানের আশ্বাস দেওয়া হয়েছে।

নিজস্ব প্রতিবেদক জানান, বিষয়টি নিয়ে সংশ্লিষ্ট কর্মকর্তারা বৈঠক করেছেন এবং প্রয়োজনীয় ব্যবস্থা গ্রহণের সিদ্ধান্ত নিয়েছেন। স্থানীয়রা জানান, দীর্ঘদিন ধরে এ সমস্যা চলে আসছে। প্রশাসনের প

বিশ্বস্ত আস্থায়, বিশ্বমানের সেবায়
নটর ডেম, ইলিক্স	UAC
আধুনিক মানের সেবা উন্নত প্রযুক্তি 01712162412
